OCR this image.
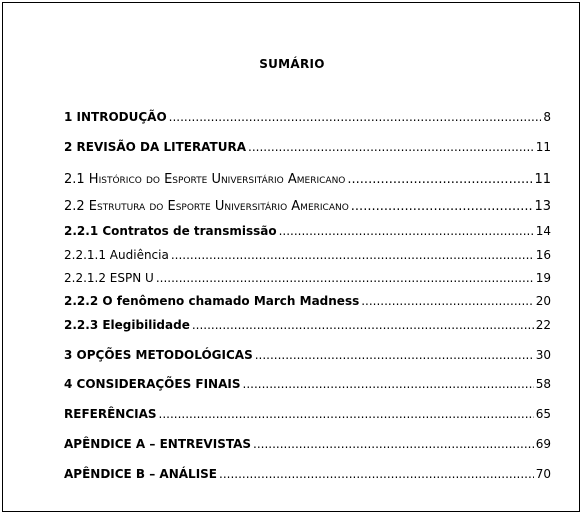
SUMÁRIO
1 INTRODUÇÃO .....	8
2 REVISÃO DA LITERATURA .....	11
2.1 Histórico do Esporte Universitário Americano .....	11
2.2 Estrutura do Esporte Universitário Americano .....	13
2.2.1 Contratos de transmissão .....	14
2.2.1.1 Audiência .....	16
2.2.1.2 ESPN U .....	19
2.2.2 O fenômeno chamado March Madness .....	20
2.2.3 Elegibilidade .....	22
3 OPÇÕES METODOLÓGICAS .....	30
4 CONSIDERAÇÕES FINAIS .....	58
REFERÊNCIAS .....	65
APÊNDICE A – ENTREVISTAS .....	69
APÊNDICE B – ANÁLISE .....	70
